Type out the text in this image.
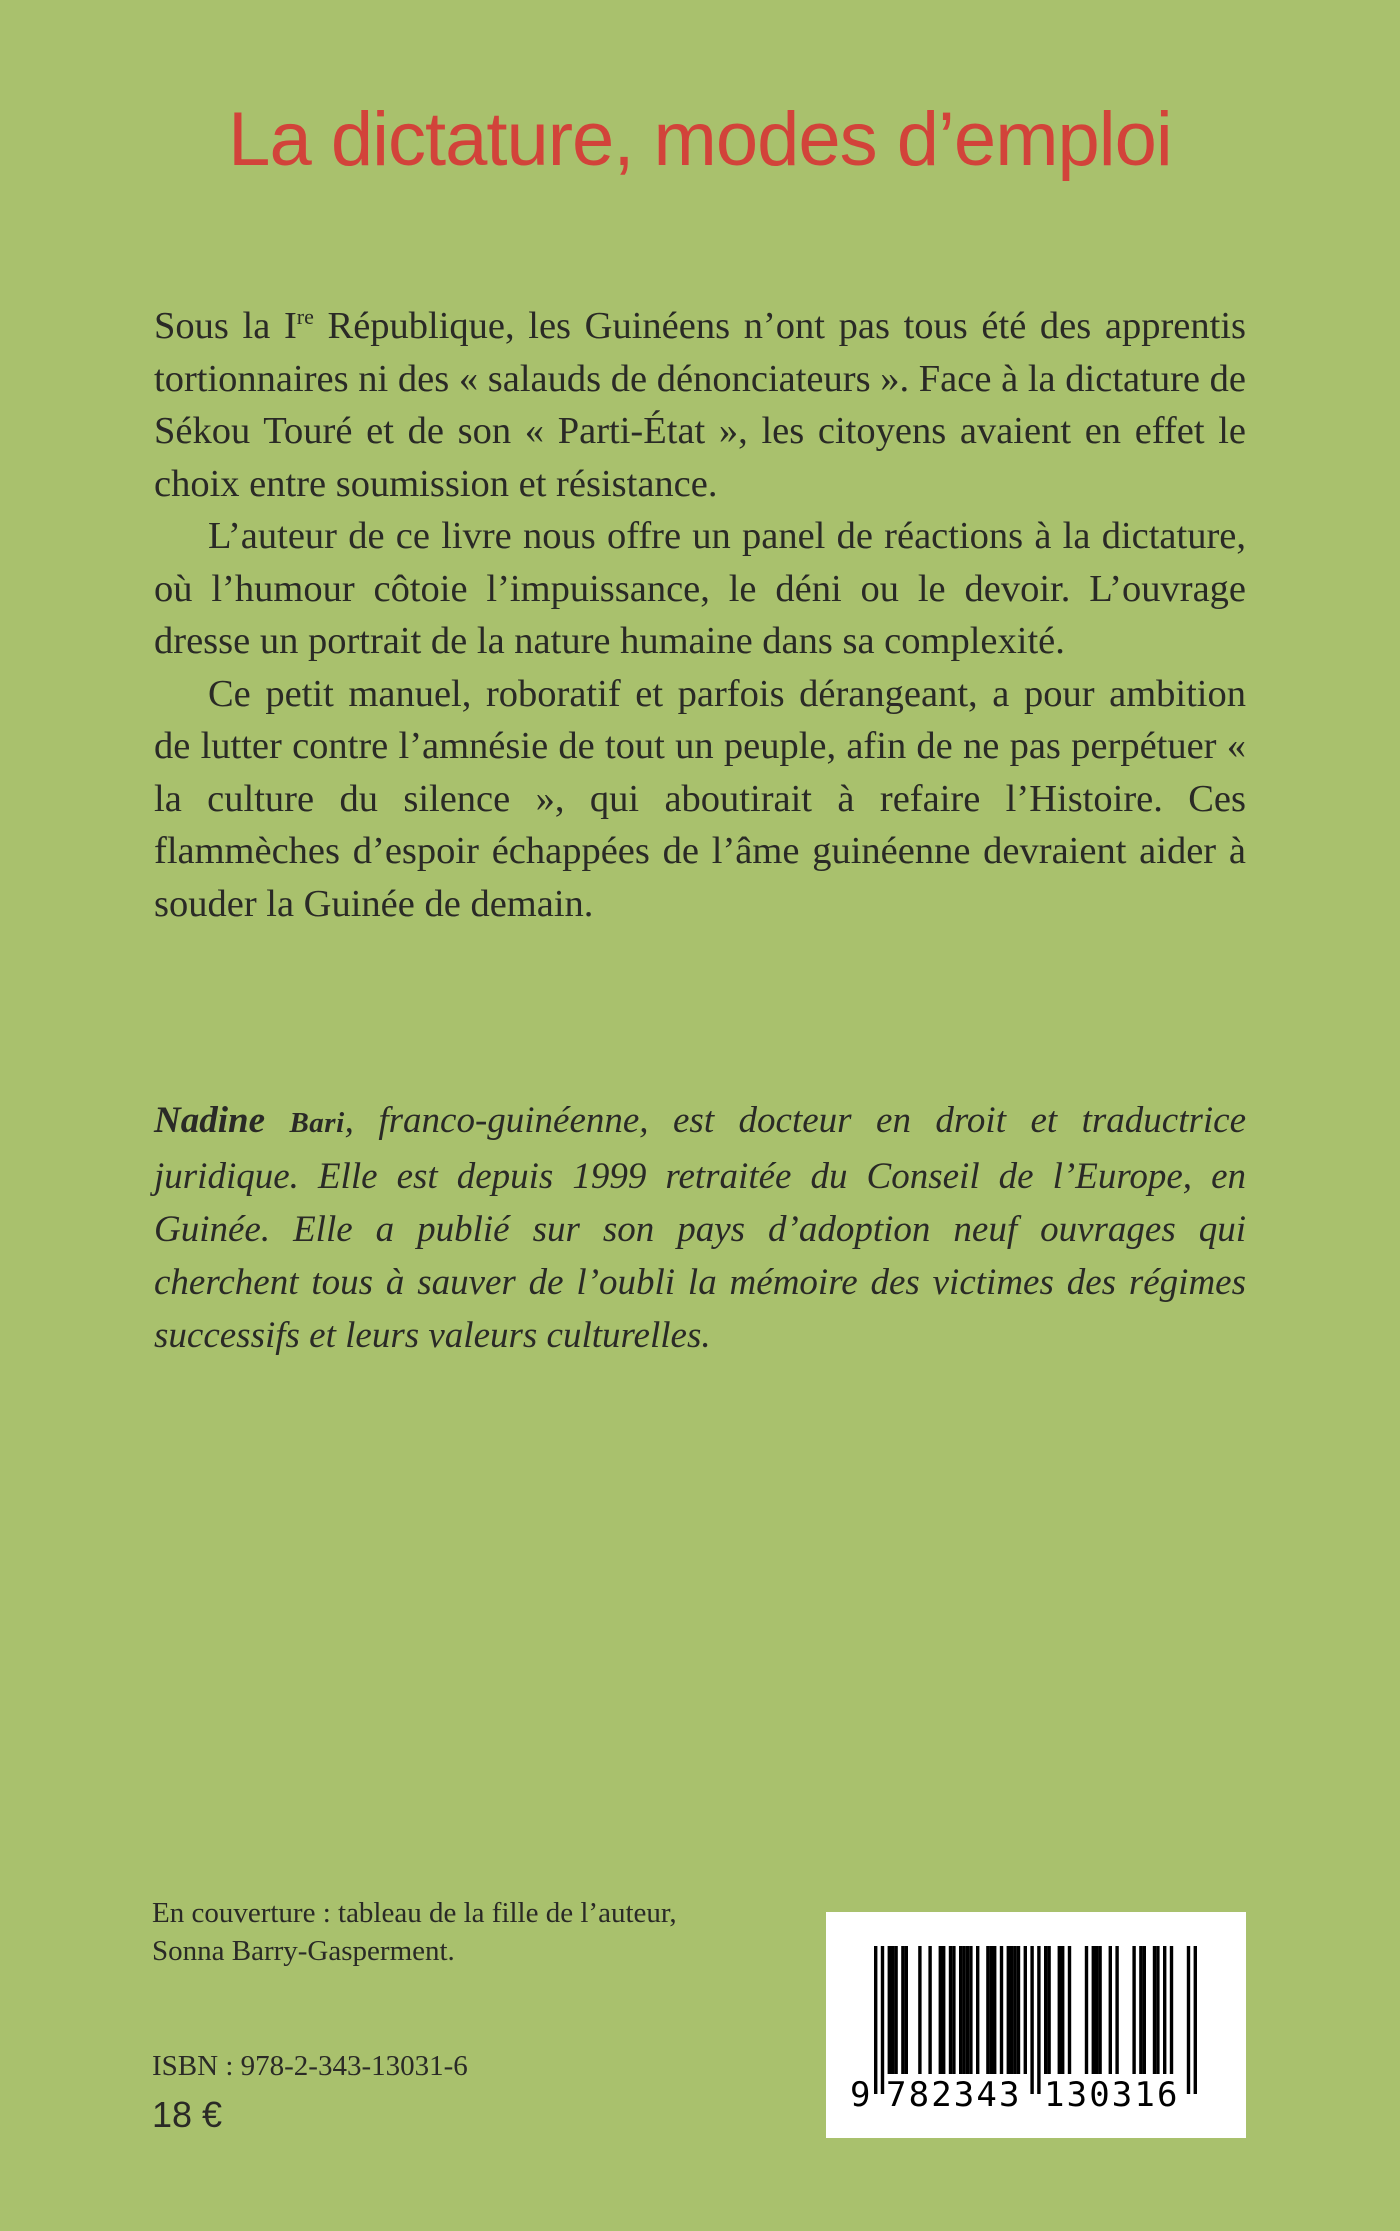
La dictature, modes d’emploi

Sous la Ire République, les Guinéens n’ont pas tous été des apprentis tortionnaires ni des « salauds de dénonciateurs ». Face à la dictature de Sékou Touré et de son « Parti-État », les citoyens avaient en effet le choix entre soumission et résistance.

L’auteur de ce livre nous offre un panel de réactions à la dictature, où l’humour côtoie l’impuissance, le déni ou le devoir. L’ouvrage dresse un portrait de la nature humaine dans sa complexité.

Ce petit manuel, roboratif et parfois dérangeant, a pour ambition de lutter contre l’amnésie de tout un peuple, afin de ne pas perpétuer « la culture du silence », qui aboutirait à refaire l’Histoire. Ces flammèches d’espoir échappées de l’âme guinéenne devraient aider à souder la Guinée de demain.

Nadine Bari, franco-guinéenne, est docteur en droit et traductrice juridique. Elle est depuis 1999 retraitée du Conseil de l’Europe, en Guinée. Elle a publié sur son pays d’adoption neuf ouvrages qui cherchent tous à sauver de l’oubli la mémoire des victimes des régimes successifs et leurs valeurs culturelles.
En couverture : tableau de la fille de l’auteur,
Sonna Barry-Gasperment.
ISBN : 978-2-343-13031-6
18 €	9 7 8 2 3 4 3 1 3 0 3 1 6
